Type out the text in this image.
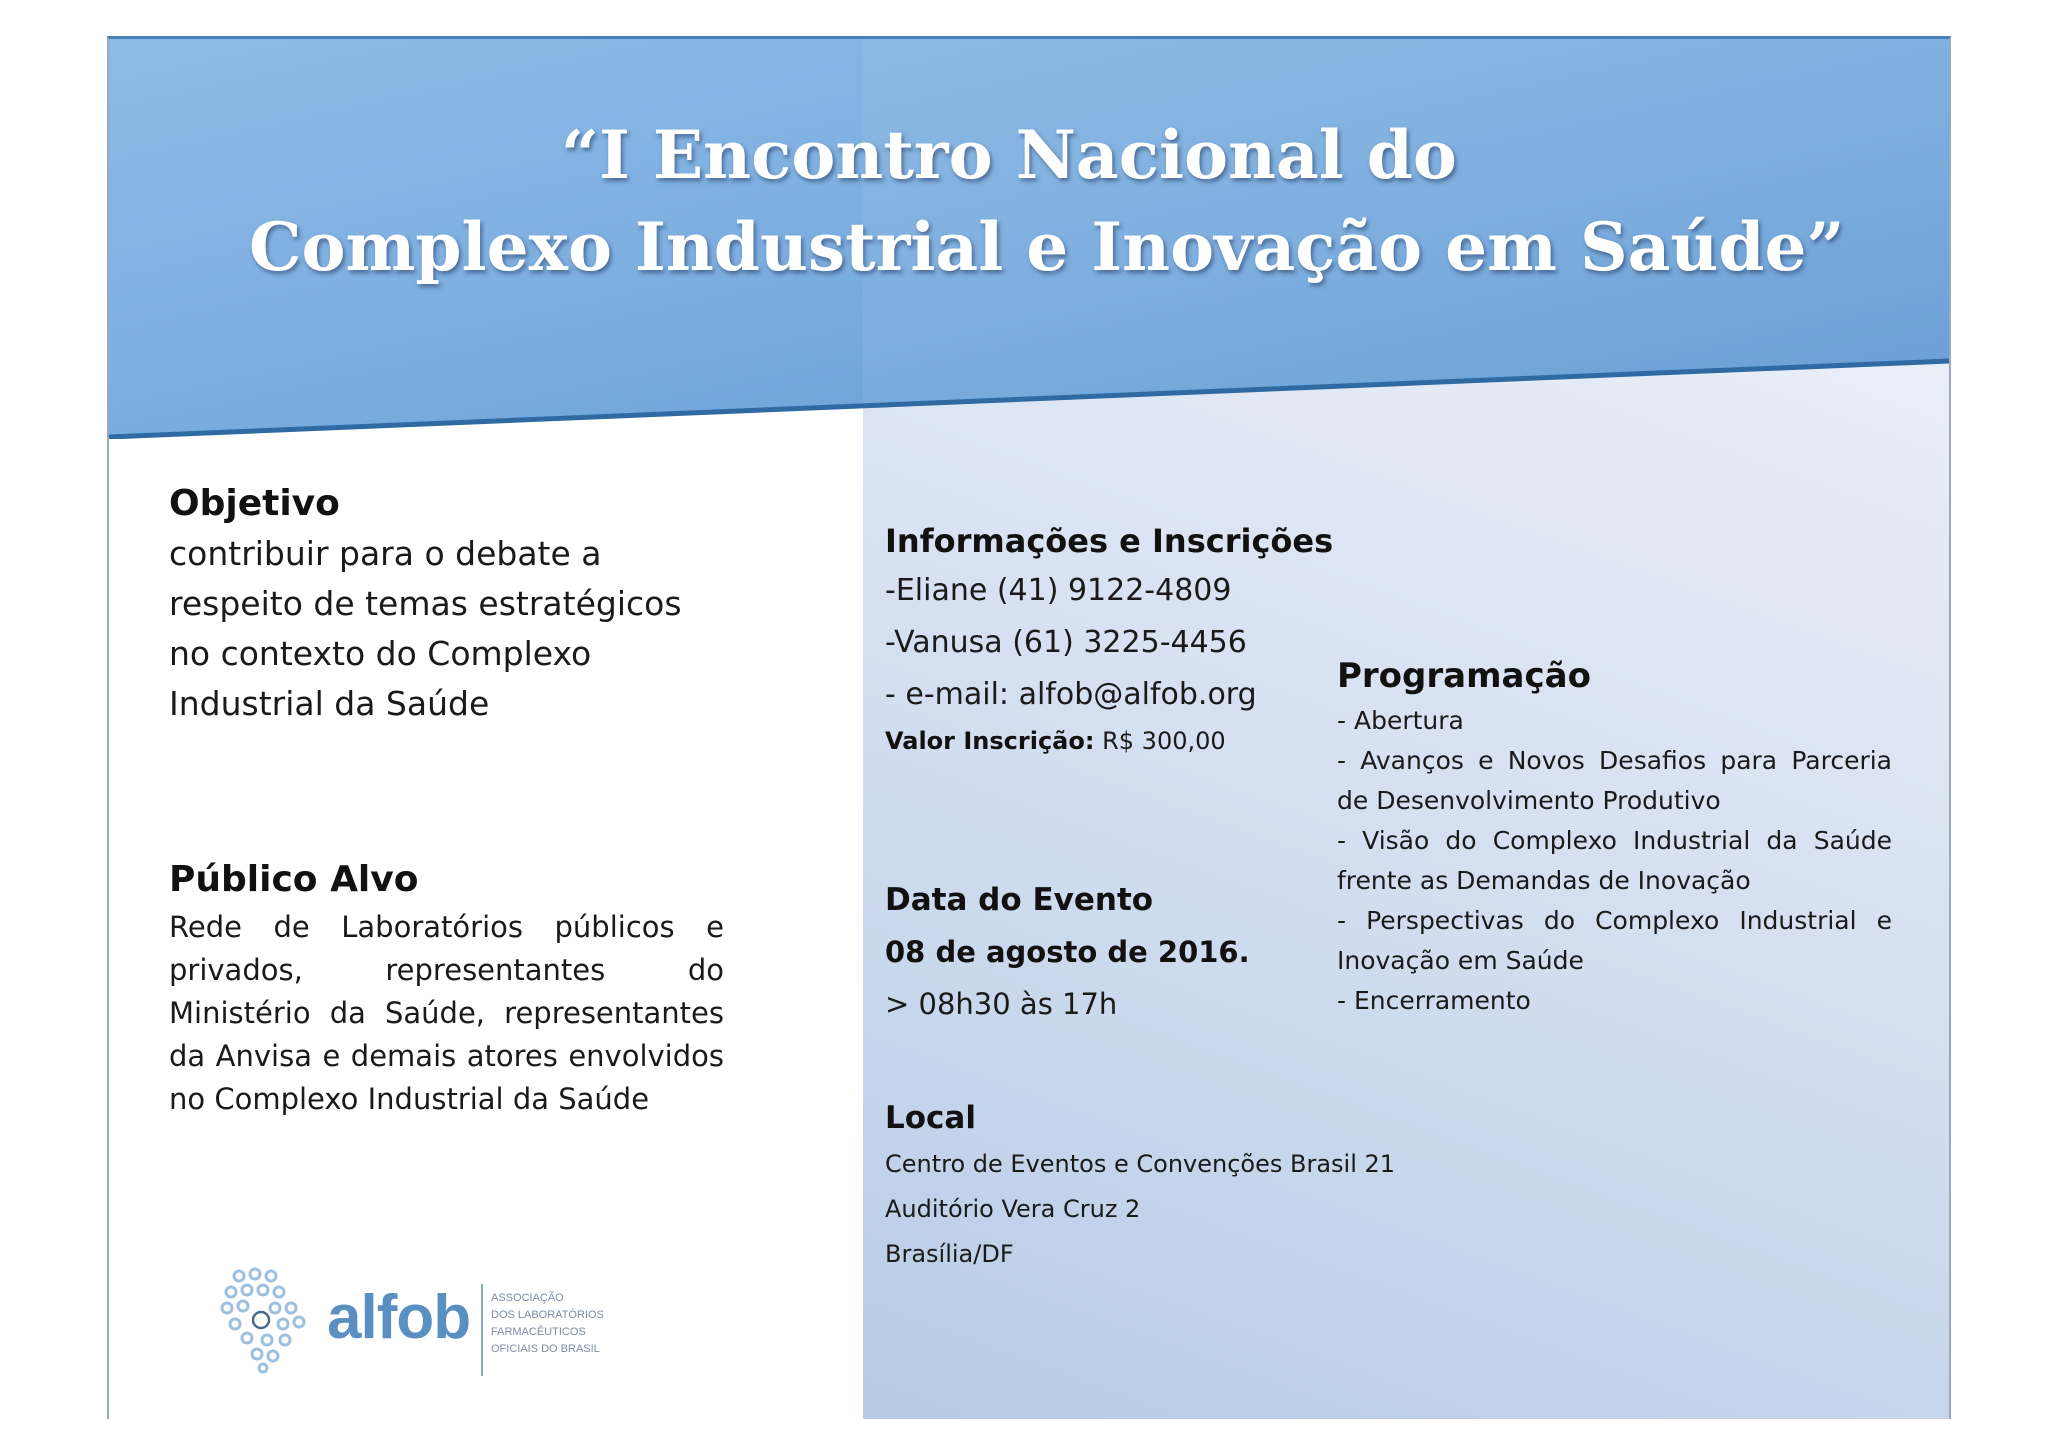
“I Encontro Nacional do
Complexo Industrial e Inovação em Saúde”
Objetivo
contribuir para o debate a
respeito de temas estratégicos
no contexto do Complexo
Industrial da Saúde
Público Alvo
Rede de Laboratórios públicos e privados, representantes do Ministério da Saúde, representantes da Anvisa e demais atores envolvidos no Complexo Industrial da Saúde
Informações e Inscrições
-Eliane (41) 9122-4809
-Vanusa (61) 3225-4456
- e-mail: alfob@alfob.org
Valor Inscrição: R$ 300,00
Data do Evento
08 de agosto de 2016.
> 08h30 às 17h
Local
Centro de Eventos e Convenções Brasil 21
Auditório Vera Cruz 2
Brasília/DF
Programação
- Abertura
- Avanços e Novos Desafios para Parceria de Desenvolvimento Produtivo
- Visão do Complexo Industrial da Saúde frente as Demandas de Inovação
- Perspectivas do Complexo Industrial e Inovação em Saúde
- Encerramento
alfob ASSOCIAÇÃO
DOS LABORATÓRIOS
FARMACÊUTICOS
OFICIAIS DO BRASIL
